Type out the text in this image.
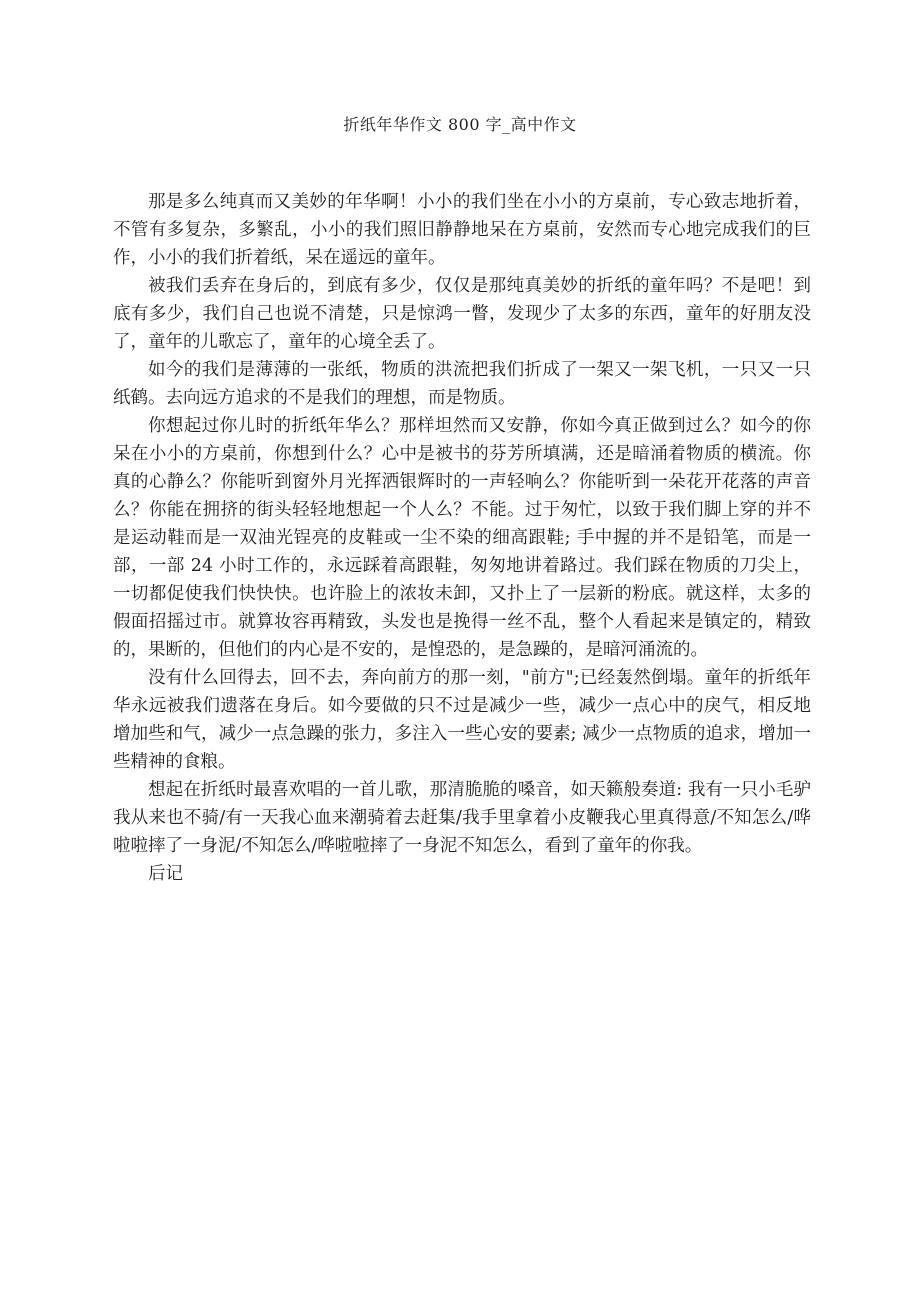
折纸年华作文 800 字_高中作文

那是多么纯真而又美妙的年华啊！小小的我们坐在小小的方桌前，专心致志地折着，不管有多复杂，多繁乱，小小的我们照旧静静地呆在方桌前，安然而专心地完成我们的巨作，小小的我们折着纸，呆在遥远的童年。

被我们丢弃在身后的，到底有多少，仅仅是那纯真美妙的折纸的童年吗？不是吧！到底有多少，我们自己也说不清楚，只是惊鸿一瞥，发现少了太多的东西，童年的好朋友没了，童年的儿歌忘了，童年的心境全丢了。

如今的我们是薄薄的一张纸，物质的洪流把我们折成了一架又一架飞机，一只又一只纸鹤。去向远方追求的不是我们的理想，而是物质。

你想起过你儿时的折纸年华么？那样坦然而又安静，你如今真正做到过么？如今的你呆在小小的方桌前，你想到什么？心中是被书的芬芳所填满，还是暗涌着物质的横流。你真的心静么？你能听到窗外月光挥洒银辉时的一声轻响么？你能听到一朵花开花落的声音么？你能在拥挤的街头轻轻地想起一个人么？不能。过于匆忙，以致于我们脚上穿的并不是运动鞋而是一双油光锃亮的皮鞋或一尘不染的细高跟鞋; 手中握的并不是铅笔，而是一部，一部 24 小时工作的，永远踩着高跟鞋，匆匆地讲着路过。我们踩在物质的刀尖上，一切都促使我们快快快。也许脸上的浓妆未卸，又扑上了一层新的粉底。就这样，太多的假面招摇过市。就算妆容再精致，头发也是挽得一丝不乱，整个人看起来是镇定的，精致的，果断的，但他们的内心是不安的，是惶恐的，是急躁的，是暗河涌流的。

没有什么回得去，回不去，奔向前方的那一刻，"前方";已经轰然倒塌。童年的折纸年华永远被我们遗落在身后。如今要做的只不过是减少一些，减少一点心中的戾气，相反地增加些和气，减少一点急躁的张力，多注入一些心安的要素; 减少一点物质的追求，增加一些精神的食粮。

想起在折纸时最喜欢唱的一首儿歌，那清脆脆的嗓音，如天籁般奏道: 我有一只小毛驴我从来也不骑/有一天我心血来潮骑着去赶集/我手里拿着小皮鞭我心里真得意/不知怎么/哗啦啦摔了一身泥/不知怎么/哗啦啦摔了一身泥不知怎么，看到了童年的你我。

后记
